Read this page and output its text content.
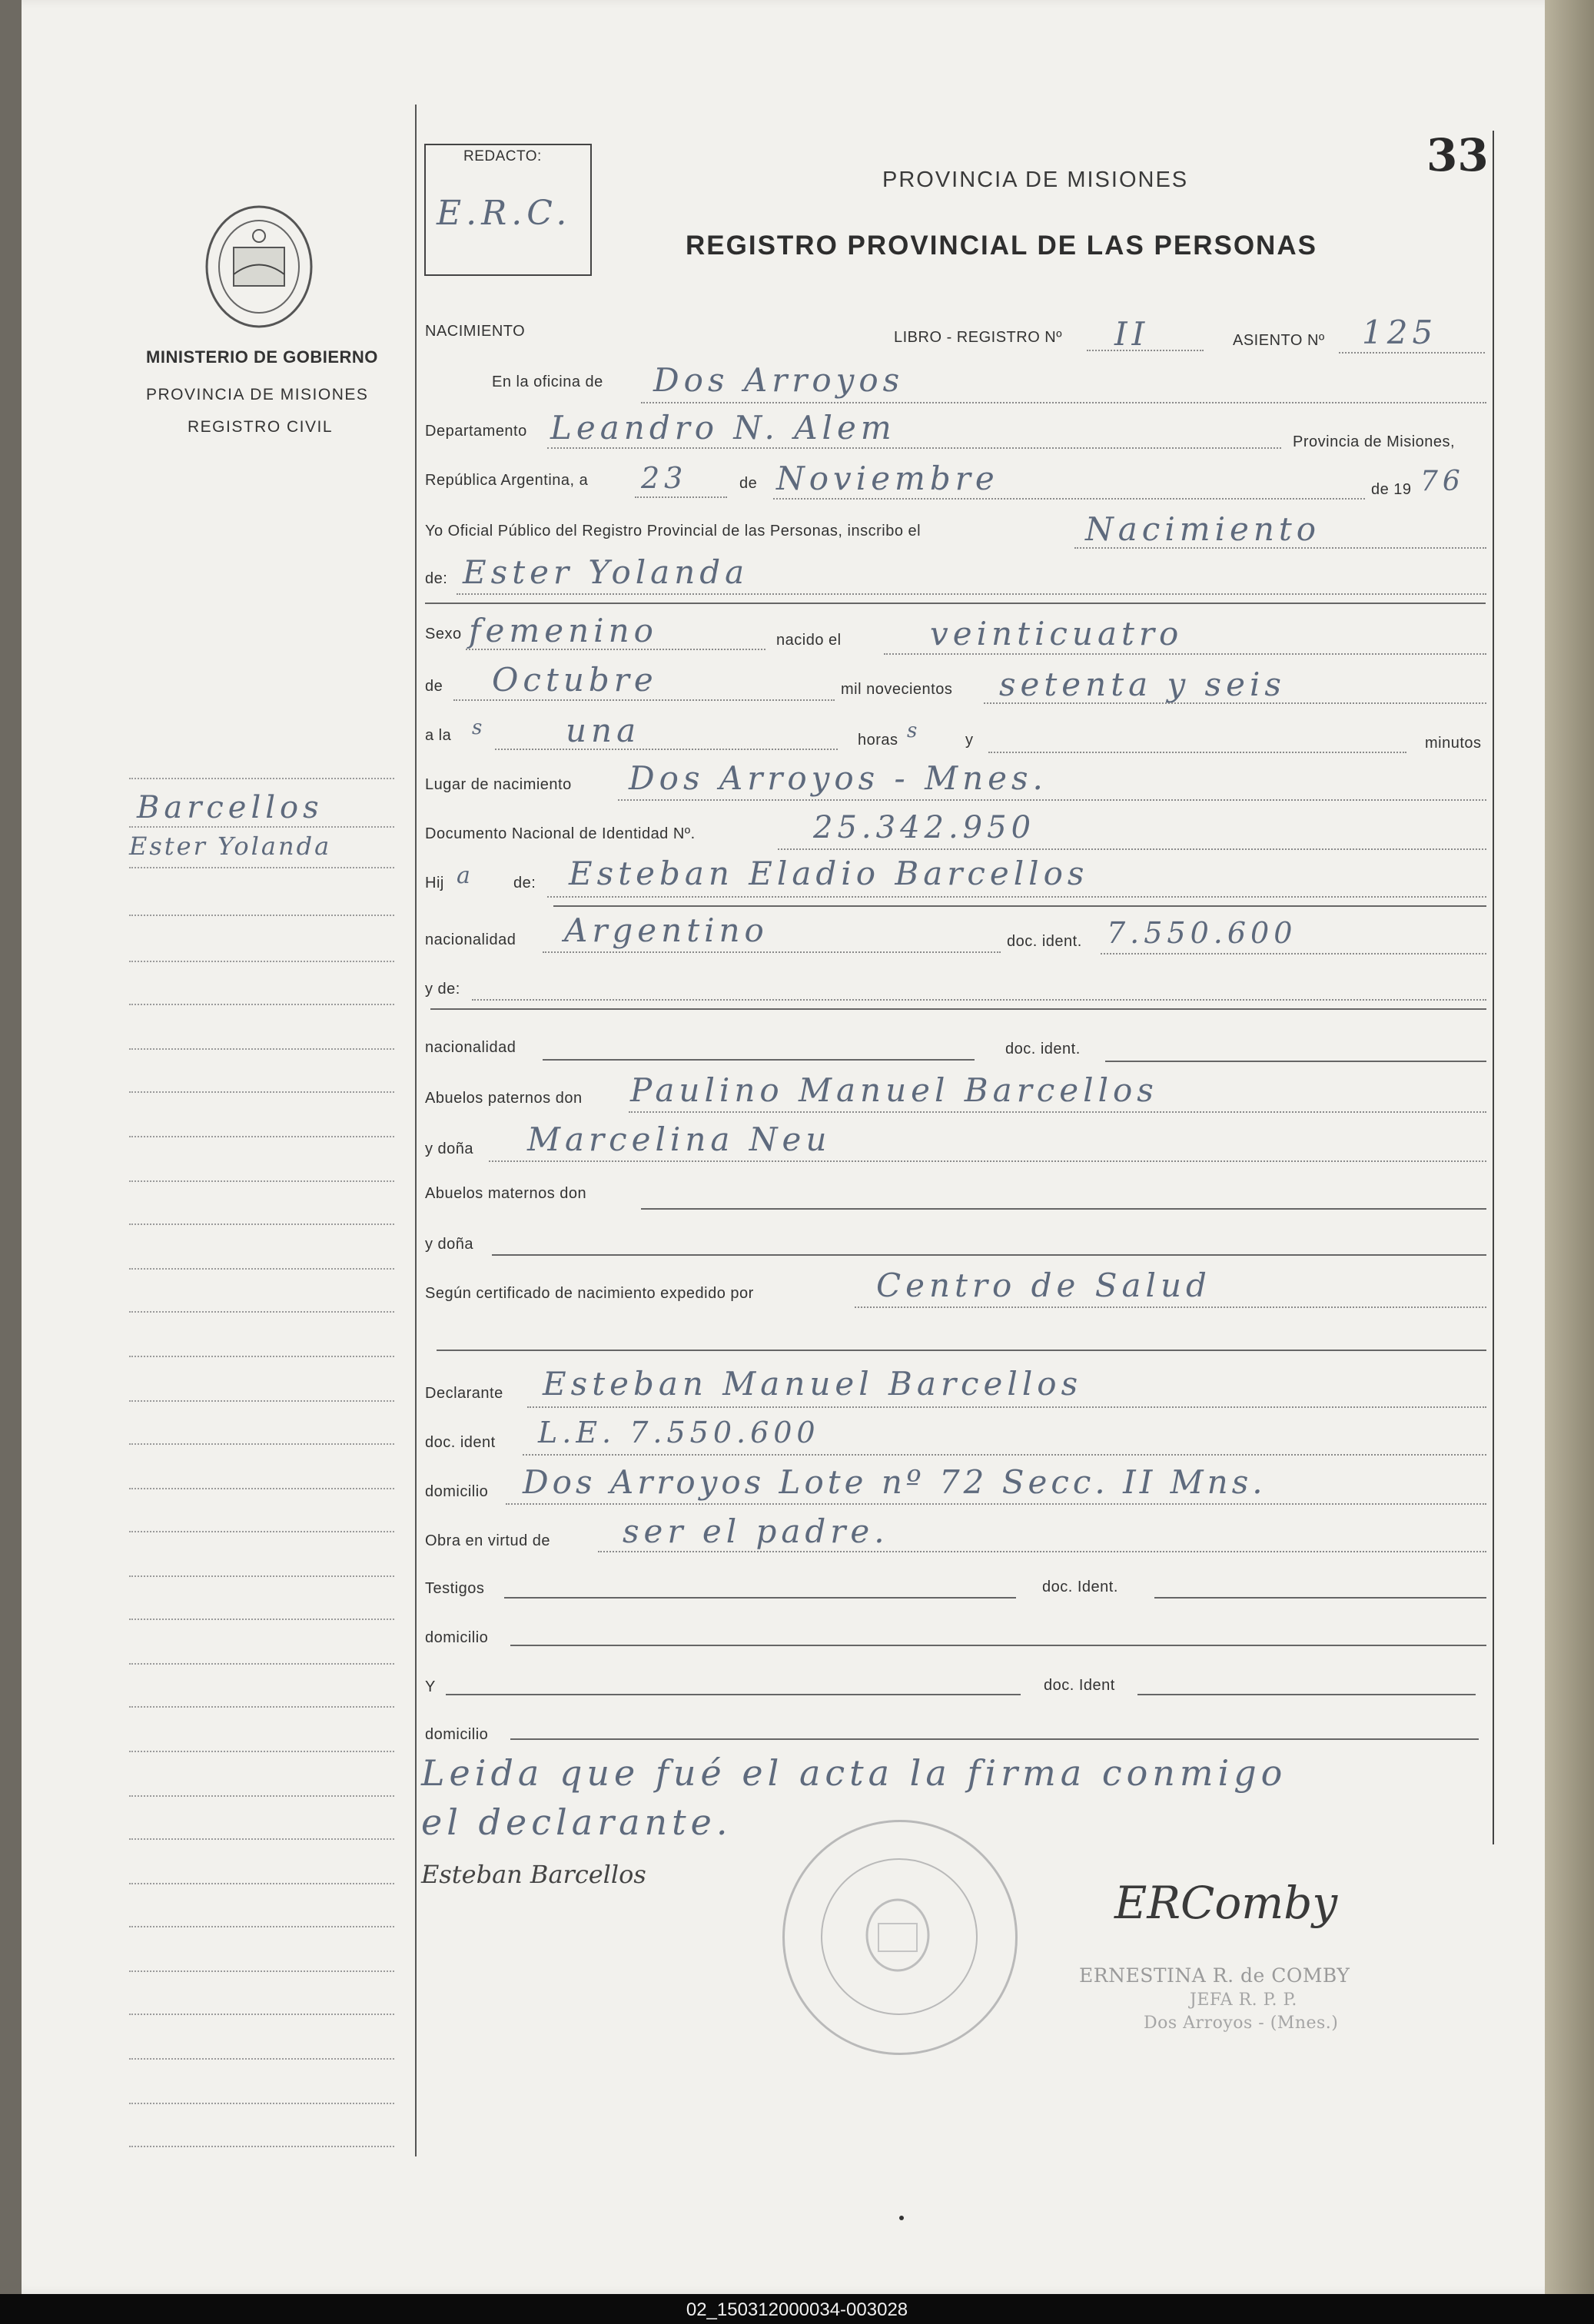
MINISTERIO DE GOBIERNO
PROVINCIA DE MISIONES
REGISTRO CIVIL
Barcellos
Ester Yolanda
REDACTO:
E.R.C.
33
PROVINCIA DE MISIONES
REGISTRO PROVINCIAL DE LAS PERSONAS
NACIMIENTO	LIBRO - REGISTRO Nº II	ASIENTO Nº 125
En la oficina de Dos Arroyos
Departamento Leandro N. Alem	Provincia de Misiones,
República Argentina, a 23	de Noviembre	de 19 76
Yo Oficial Público del Registro Provincial de las Personas, inscribo el	Nacimiento
de: Ester Yolanda
Sexo femenino	nacido el	veinticuatro
de Octubre	mil novecientos setenta y seis
a la s	una	horas s	y	minutos
Lugar de nacimiento Dos Arroyos - Mnes.
Documento Nacional de Identidad Nº.	25.342.950
Hij a	de: Esteban Eladio Barcellos
nacionalidad Argentino	doc. ident. 7.550.600
y de:
nacionalidad	doc. ident.
Abuelos paternos don Paulino Manuel Barcellos
y doña Marcelina Neu
Abuelos maternos don
y doña
Según certificado de nacimiento expedido por	Centro de Salud
Declarante Esteban Manuel Barcellos
doc. ident L.E. 7.550.600
domicilio Dos Arroyos Lote nº 72 Secc. II Mns.
Obra en virtud de ser el padre.
Testigos	doc. Ident.
domicilio
Y	doc. Ident
domicilio
Leida que fué el acta la firma conmigo
el declarante.
Esteban Barcellos
ERComby
ERNESTINA R. de COMBY
JEFA R. P. P.
Dos Arroyos - (Mnes.)
02_150312000034-003028
